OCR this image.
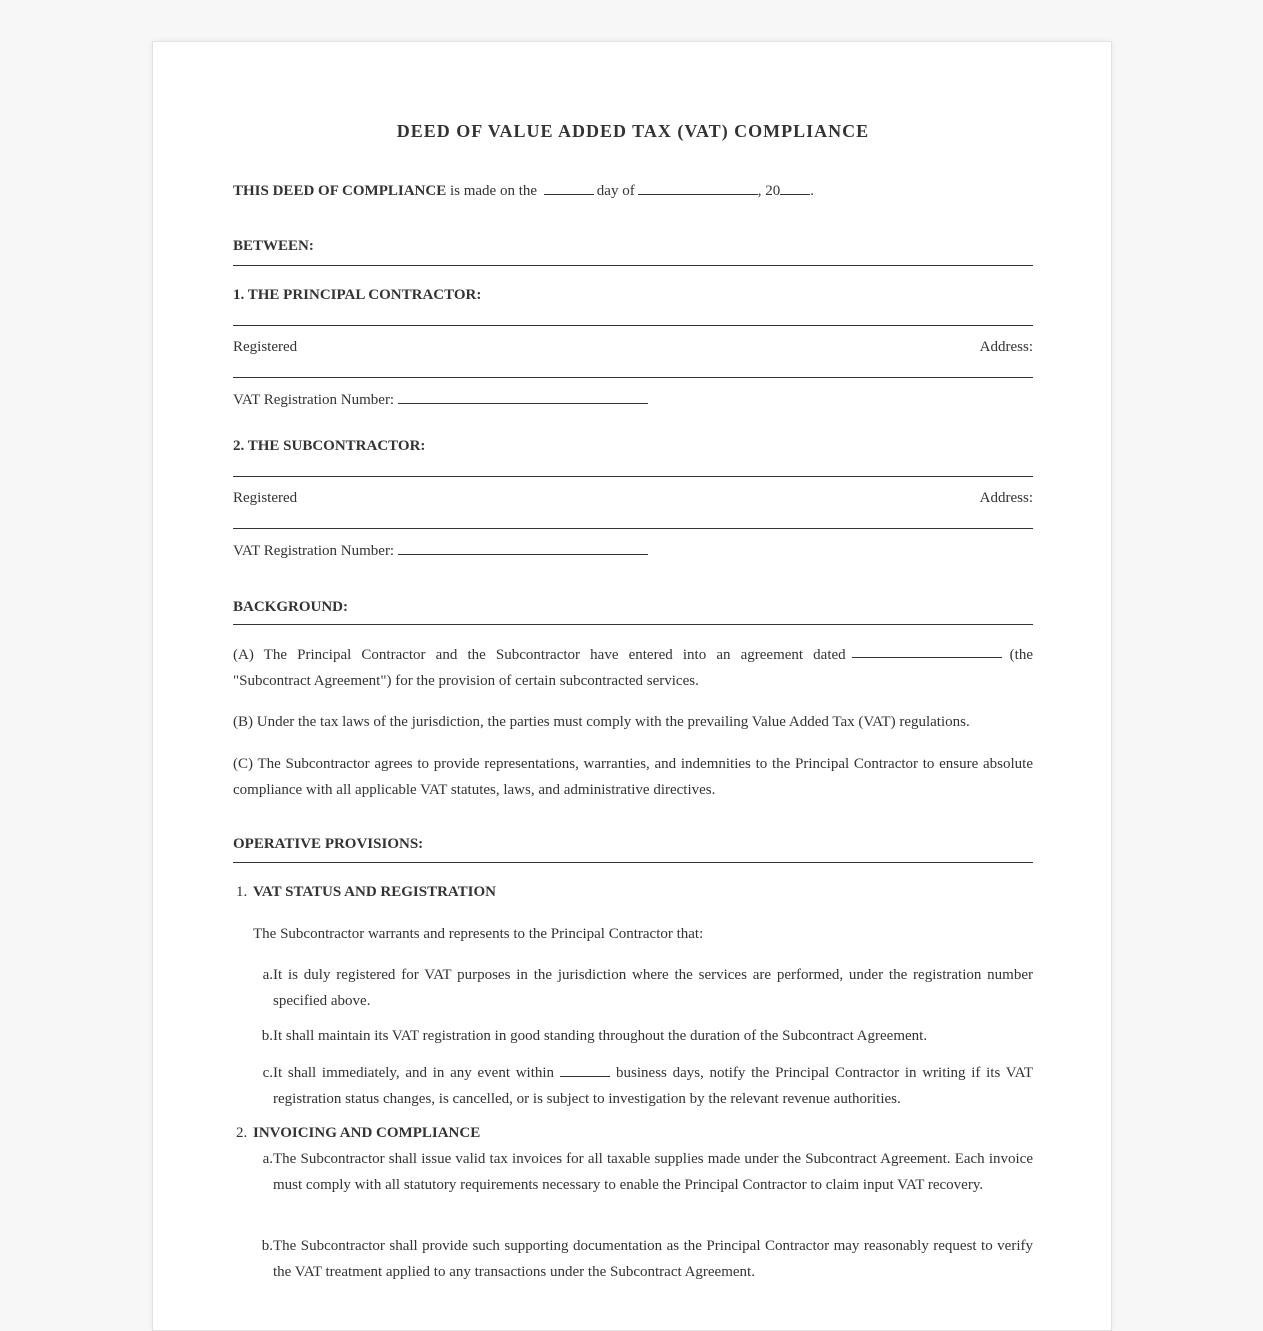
DEED OF VALUE ADDED TAX (VAT) COMPLIANCE
THIS DEED OF COMPLIANCE is made on the	day of	, 20 .
BETWEEN:
1. THE PRINCIPAL CONTRACTOR:
Registered	Address:
VAT Registration Number:
2. THE SUBCONTRACTOR:
Registered	Address:
VAT Registration Number:
BACKGROUND:
(A) The Principal Contractor and the Subcontractor have entered into an agreement dated	(the
"Subcontract Agreement") for the provision of certain subcontracted services.
(B) Under the tax laws of the jurisdiction, the parties must comply with the prevailing Value Added Tax (VAT) regulations.
(C) The Subcontractor agrees to provide representations, warranties, and indemnities to the Principal Contractor to ensure absolute compliance with all applicable VAT statutes, laws, and administrative directives.
OPERATIVE PROVISIONS:
1. VAT STATUS AND REGISTRATION
The Subcontractor warrants and represents to the Principal Contractor that:
a. It is duly registered for VAT purposes in the jurisdiction where the services are performed, under the registration number specified above.
b. It shall maintain its VAT registration in good standing throughout the duration of the Subcontract Agreement.
c. It shall immediately, and in any event within	business days, notify the Principal Contractor in writing if its VAT registration status changes, is cancelled, or is subject to investigation by the relevant revenue authorities.
2. INVOICING AND COMPLIANCE
a. The Subcontractor shall issue valid tax invoices for all taxable supplies made under the Subcontract Agreement. Each invoice must comply with all statutory requirements necessary to enable the Principal Contractor to claim input VAT recovery.
b. The Subcontractor shall provide such supporting documentation as the Principal Contractor may reasonably request to verify the VAT treatment applied to any transactions under the Subcontract Agreement.
